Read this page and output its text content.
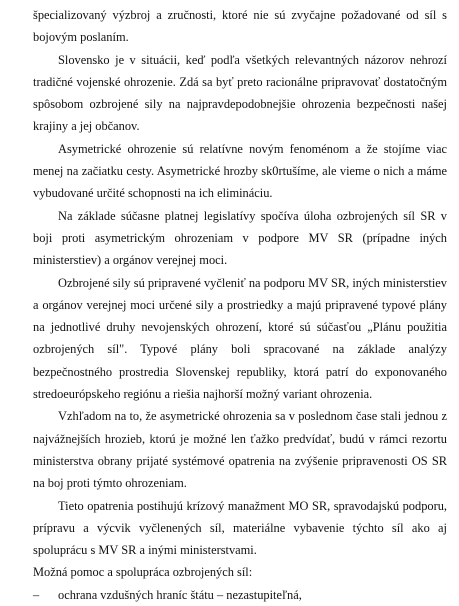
špecializovaný výzbroj a zručnosti, ktoré nie sú zvyčajne požadované od síl s bojovým poslaním.

Slovensko je v situácii, keď podľa všetkých relevantných názorov nehrozí tradičné vojenské ohrozenie. Zdá sa byť preto racionálne pripravovať dostatočným spôsobom ozbrojené sily na najpravdepodobnejšie ohrozenia bezpečnosti našej krajiny a jej občanov.

Asymetrické ohrozenie sú relatívne novým fenoménom a že stojíme viac menej na začiatku cesty. Asymetrické hrozby sk0rtušíme, ale vieme o nich a máme vybudované určité schopnosti na ich elimináciu.

Na základe súčasne platnej legislatívy spočíva úloha ozbrojených síl SR v boji proti asymetrickým ohrozeniam v podpore MV SR (prípadne iných ministerstiev) a orgánov verejnej moci.

Ozbrojené sily sú pripravené vyčleniť na podporu MV SR, iných ministerstiev a orgánov verejnej moci určené sily a prostriedky a majú pripravené typové plány na jednotlivé druhy nevojenských ohrození, ktoré sú súčasťou „Plánu použitia ozbrojených síl". Typové plány boli spracované na základe analýzy bezpečnostného prostredia Slovenskej republiky, ktorá patrí do exponovaného stredoeurópskeho regiónu a riešia najhorší možný variant ohrozenia.

Vzhľadom na to, že asymetrické ohrozenia sa v poslednom čase stali jednou z najvážnejších hrozieb, ktorú je možné len ťažko predvídať, budú v rámci rezortu ministerstva obrany prijaté systémové opatrenia na zvýšenie pripravenosti OS SR na boj proti týmto ohrozeniam.

Tieto opatrenia postihujú krízový manažment MO SR, spravodajskú podporu, prípravu a výcvik vyčlenených síl, materiálne vybavenie týchto síl ako aj spoluprácu s MV SR a inými ministerstvami.

Možná pomoc a spolupráca ozbrojených síl:

–	ochrana vzdušných hraníc štátu – nezastupiteľná,
